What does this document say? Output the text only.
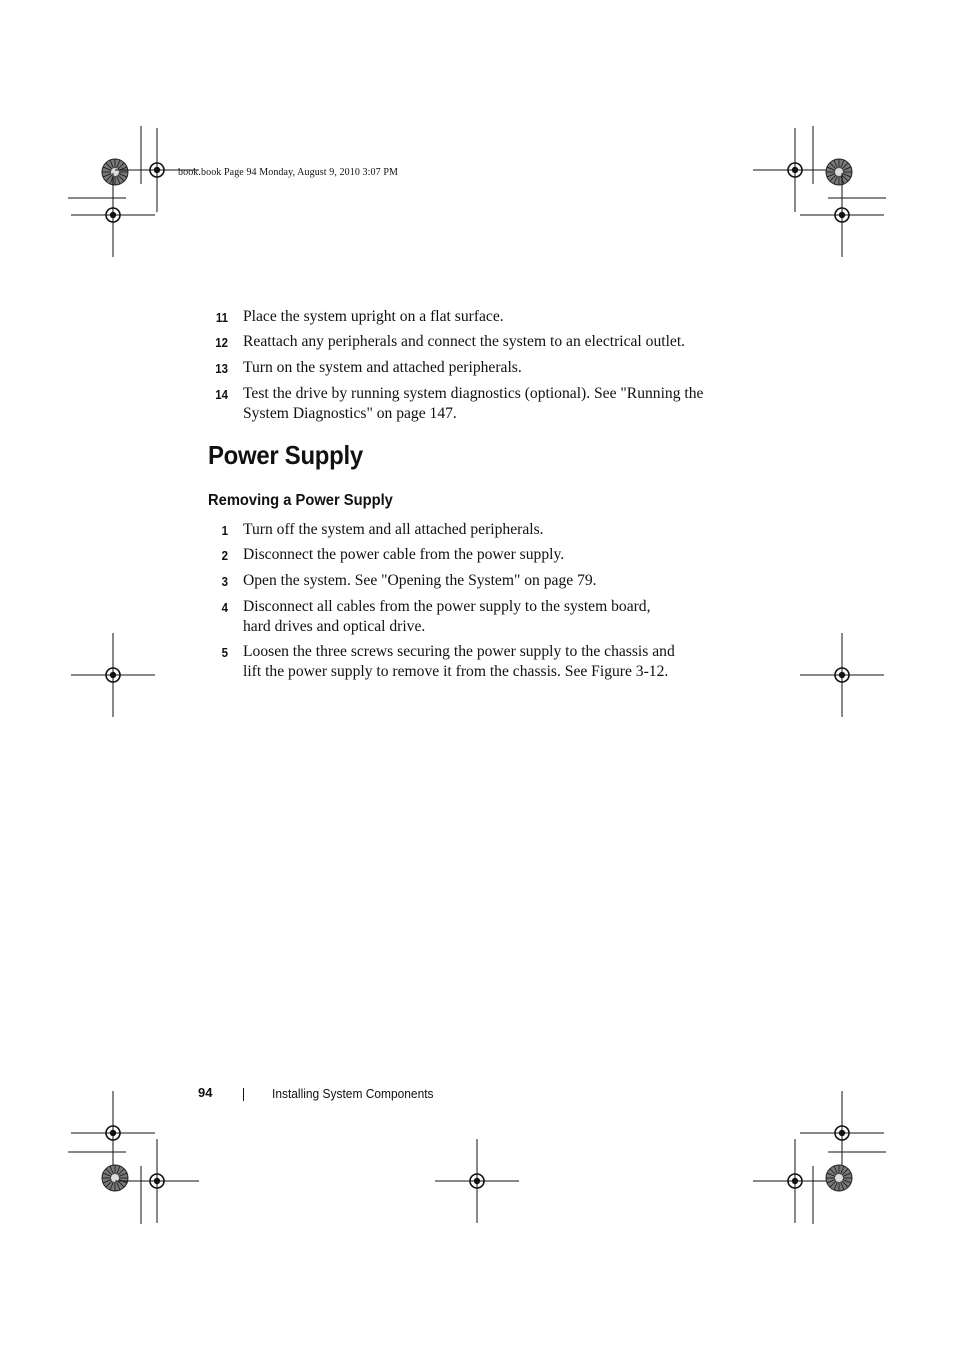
book.book Page 94 Monday, August 9, 2010 3:07 PM
11 Place the system upright on a flat surface.
12 Reattach any peripherals and connect the system to an electrical outlet.
13 Turn on the system and attached peripherals.
14 Test the drive by running system diagnostics (optional). See "Running the
System Diagnostics" on page 147.
Power Supply
Removing a Power Supply
1 Turn off the system and all attached peripherals.
2 Disconnect the power cable from the power supply.
3 Open the system. See "Opening the System" on page 79.
4 Disconnect all cables from the power supply to the system board,
hard drives and optical drive.
5 Loosen the three screws securing the power supply to the chassis and
lift the power supply to remove it from the chassis. See Figure 3-12.
94	Installing System Components
